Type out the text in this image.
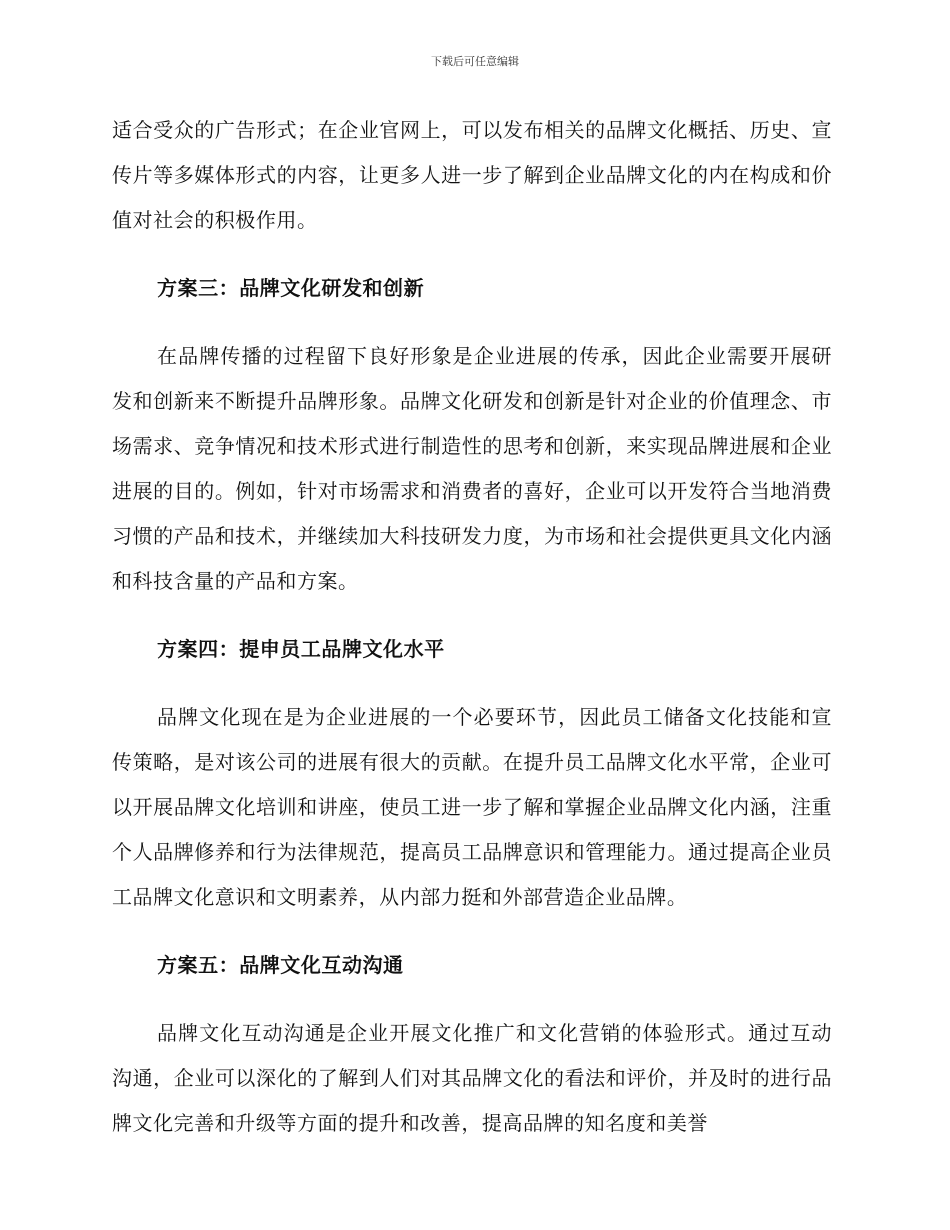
下载后可任意编辑

适合受众的广告形式；在企业官网上，可以发布相关的品牌文化概括、历史、宣传片等多媒体形式的内容，让更多人进一步了解到企业品牌文化的内在构成和价值对社会的积极作用。

方案三：品牌文化研发和创新

在品牌传播的过程留下良好形象是企业进展的传承，因此企业需要开展研发和创新来不断提升品牌形象。品牌文化研发和创新是针对企业的价值理念、市场需求、竞争情况和技术形式进行制造性的思考和创新，来实现品牌进展和企业进展的目的。例如，针对市场需求和消费者的喜好，企业可以开发符合当地消费习惯的产品和技术，并继续加大科技研发力度，为市场和社会提供更具文化内涵和科技含量的产品和方案。

方案四：提申员工品牌文化水平

品牌文化现在是为企业进展的一个必要环节，因此员工储备文化技能和宣传策略，是对该公司的进展有很大的贡献。在提升员工品牌文化水平常，企业可以开展品牌文化培训和讲座，使员工进一步了解和掌握企业品牌文化内涵，注重个人品牌修养和行为法律规范，提高员工品牌意识和管理能力。通过提高企业员工品牌文化意识和文明素养，从内部力挺和外部营造企业品牌。

方案五：品牌文化互动沟通

品牌文化互动沟通是企业开展文化推广和文化营销的体验形式。通过互动沟通，企业可以深化的了解到人们对其品牌文化的看法和评价，并及时的进行品牌文化完善和升级等方面的提升和改善，提高品牌的知名度和美誉
